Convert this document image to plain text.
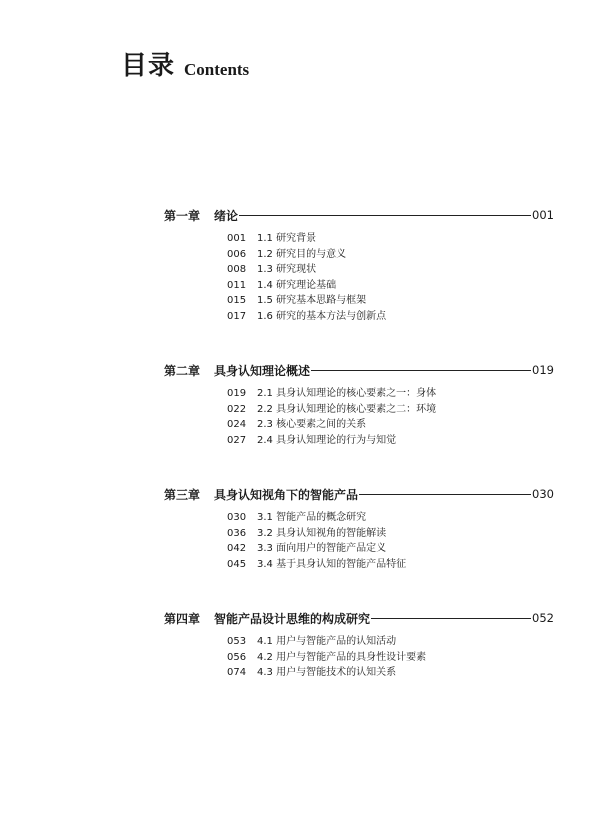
目录 Contents
第一章 绪论	001
001 1.1 研究背景
006 1.2 研究目的与意义
008 1.3 研究现状
011 1.4 研究理论基础
015 1.5 研究基本思路与框架
017 1.6 研究的基本方法与创新点
第二章 具身认知理论概述	019
019 2.1 具身认知理论的核心要素之一：身体
022 2.2 具身认知理论的核心要素之二：环境
024 2.3 核心要素之间的关系
027 2.4 具身认知理论的行为与知觉
第三章 具身认知视角下的智能产品	030
030 3.1 智能产品的概念研究
036 3.2 具身认知视角的智能解读
042 3.3 面向用户的智能产品定义
045 3.4 基于具身认知的智能产品特征
第四章 智能产品设计思维的构成研究	052
053 4.1 用户与智能产品的认知活动
056 4.2 用户与智能产品的具身性设计要素
074 4.3 用户与智能技术的认知关系
